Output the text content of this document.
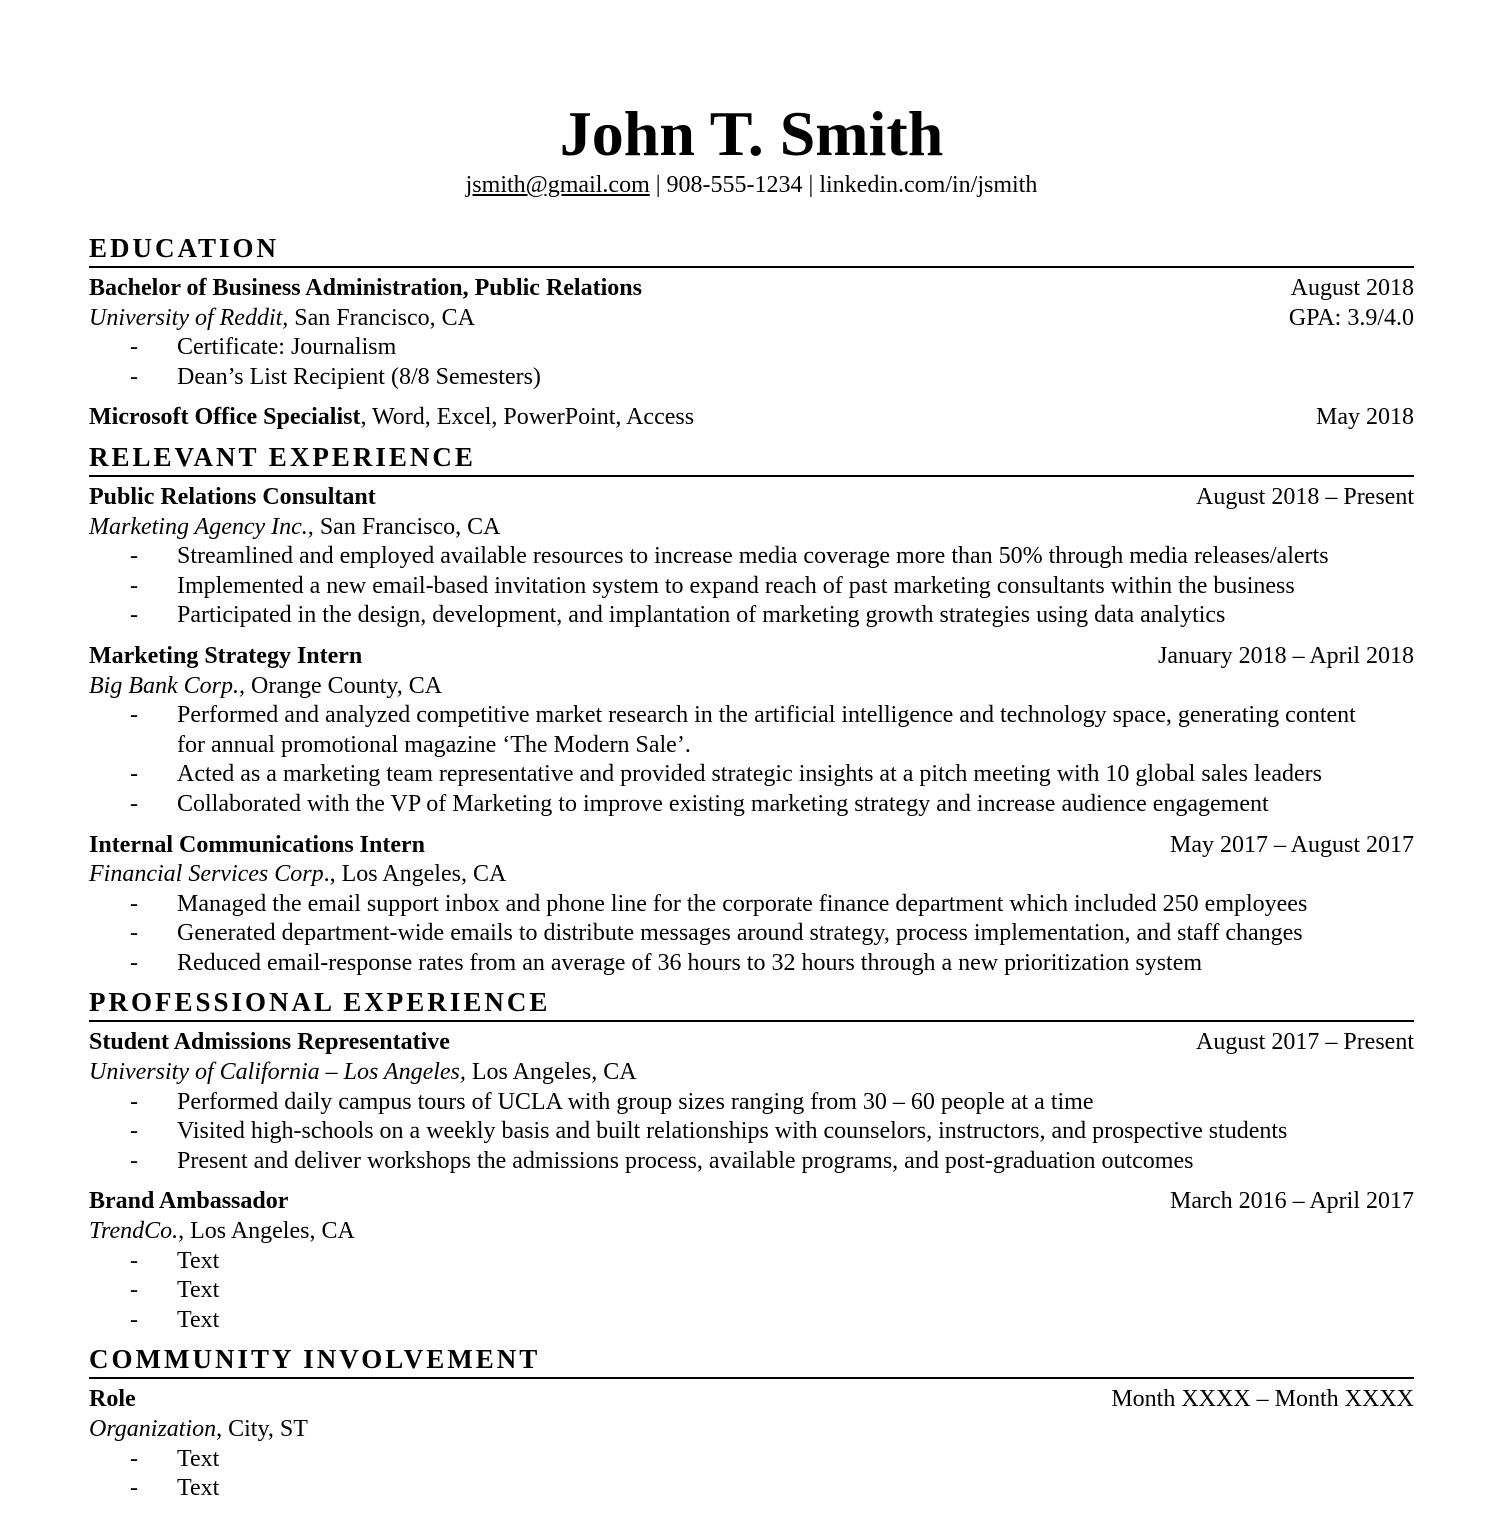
John T. Smith
jsmith@gmail.com | 908-555-1234 | linkedin.com/in/jsmith
EDUCATION
Bachelor of Business Administration, Public Relations	August 2018
University of Reddit, San Francisco, CA	GPA: 3.9/4.0
- Certificate: Journalism
- Dean’s List Recipient (8/8 Semesters)
Microsoft Office Specialist, Word, Excel, PowerPoint, Access	May 2018
RELEVANT EXPERIENCE
Public Relations Consultant	August 2018 – Present
Marketing Agency Inc., San Francisco, CA
- Streamlined and employed available resources to increase media coverage more than 50% through media releases/alerts
- Implemented a new email-based invitation system to expand reach of past marketing consultants within the business
- Participated in the design, development, and implantation of marketing growth strategies using data analytics
Marketing Strategy Intern	January 2018 – April 2018
Big Bank Corp., Orange County, CA
- Performed and analyzed competitive market research in the artificial intelligence and technology space, generating content for annual promotional magazine ‘The Modern Sale’.
- Acted as a marketing team representative and provided strategic insights at a pitch meeting with 10 global sales leaders
- Collaborated with the VP of Marketing to improve existing marketing strategy and increase audience engagement
Internal Communications Intern	May 2017 – August 2017
Financial Services Corp., Los Angeles, CA
- Managed the email support inbox and phone line for the corporate finance department which included 250 employees
- Generated department-wide emails to distribute messages around strategy, process implementation, and staff changes
- Reduced email-response rates from an average of 36 hours to 32 hours through a new prioritization system
PROFESSIONAL EXPERIENCE
Student Admissions Representative	August 2017 – Present
University of California – Los Angeles, Los Angeles, CA
- Performed daily campus tours of UCLA with group sizes ranging from 30 – 60 people at a time
- Visited high-schools on a weekly basis and built relationships with counselors, instructors, and prospective students
- Present and deliver workshops the admissions process, available programs, and post-graduation outcomes
Brand Ambassador	March 2016 – April 2017
TrendCo., Los Angeles, CA
- Text
- Text
- Text
COMMUNITY INVOLVEMENT
Role	Month XXXX – Month XXXX
Organization, City, ST
- Text
- Text
